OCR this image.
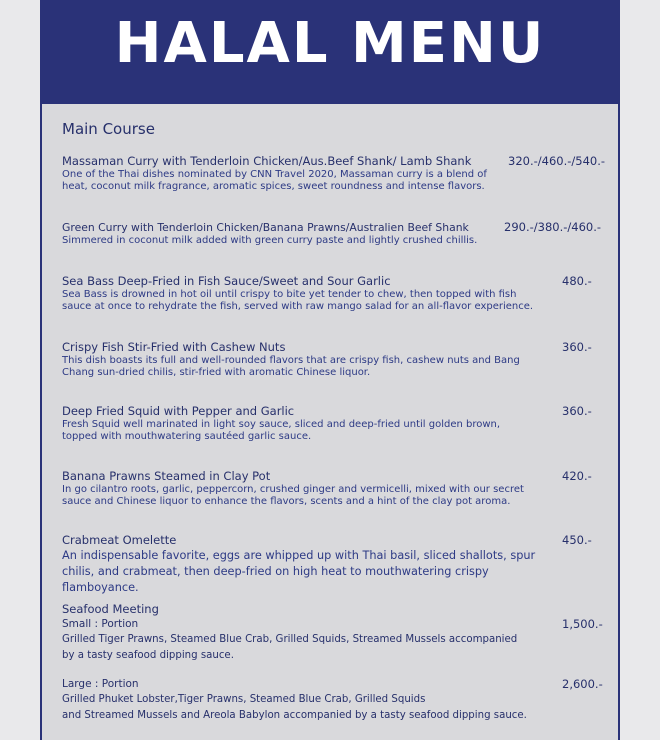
HALAL MENU
Main Course
Massaman Curry with Tenderloin Chicken/Aus.Beef Shank/ Lamb Shank
One of the Thai dishes nominated by CNN Travel 2020, Massaman curry is a blend of heat, coconut milk fragrance, aromatic spices, sweet roundness and intense flavors.
320.-/460.-/540.-
Green Curry with Tenderloin Chicken/Banana Prawns/Australien Beef Shank
Simmered in coconut milk added with green curry paste and lightly crushed chillis.
290.-/380.-/460.-
Sea Bass Deep-Fried in Fish Sauce/Sweet and Sour Garlic
Sea Bass is drowned in hot oil until crispy to bite yet tender to chew, then topped with fish sauce at once to rehydrate the fish, served with raw mango salad for an all-flavor experience.
480.-
Crispy Fish Stir-Fried with Cashew Nuts
This dish boasts its full and well-rounded flavors that are crispy fish, cashew nuts and Bang Chang sun-dried chilis, stir-fried with aromatic Chinese liquor.
360.-
Deep Fried Squid with Pepper and Garlic
Fresh Squid well marinated in light soy sauce, sliced and deep-fried until golden brown, topped with mouthwatering sautéed garlic sauce.
360.-
Banana Prawns Steamed in Clay Pot
In go cilantro roots, garlic, peppercorn, crushed ginger and vermicelli, mixed with our secret sauce and Chinese liquor to enhance the flavors, scents and a hint of the clay pot aroma.
420.-
Crabmeat Omelette
An indispensable favorite, eggs are whipped up with Thai basil, sliced shallots, spur chilis, and crabmeat, then deep-fried on high heat to mouthwatering crispy flamboyance.
450.-
Seafood Meeting
Small : Portion
Grilled Tiger Prawns, Steamed Blue Crab, Grilled Squids, Streamed Mussels accompanied
by a tasty seafood dipping sauce.
1,500.-
Large : Portion
Grilled Phuket Lobster,Tiger Prawns, Steamed Blue Crab, Grilled Squids
and Streamed Mussels and Areola Babylon accompanied by a tasty seafood dipping sauce.
2,600.-
